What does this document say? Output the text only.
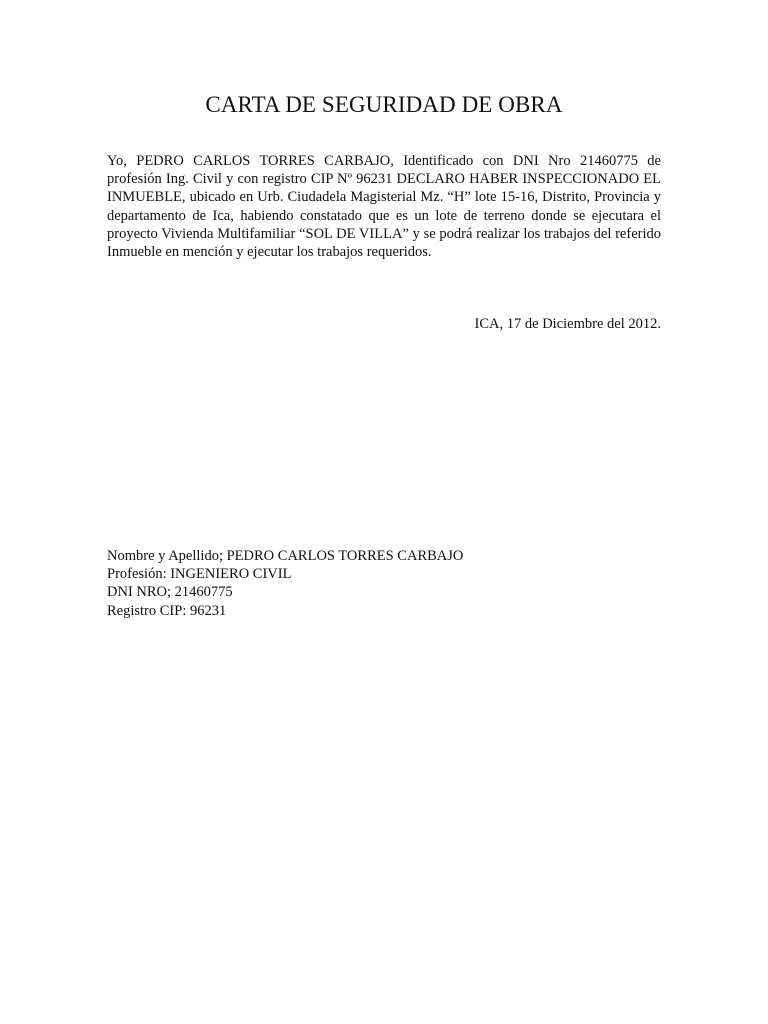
CARTA DE SEGURIDAD DE OBRA

Yo, PEDRO CARLOS TORRES CARBAJO, Identificado con DNI Nro 21460775 de profesión Ing. Civil y con registro CIP Nº 96231 DECLARO HABER INSPECCIONADO EL INMUEBLE, ubicado en Urb. Ciudadela Magisterial Mz. “H” lote 15-16, Distrito, Provincia y departamento de Ica, habiendo constatado que es un lote de terreno donde se ejecutara el proyecto Vivienda Multifamiliar “SOL DE VILLA” y se podrá realizar los trabajos del referido Inmueble en mención y ejecutar los trabajos requeridos.

ICA, 17 de Diciembre del 2012.

Nombre y Apellido; PEDRO CARLOS TORRES CARBAJO
Profesión: INGENIERO CIVIL
DNI NRO; 21460775
Registro CIP: 96231
